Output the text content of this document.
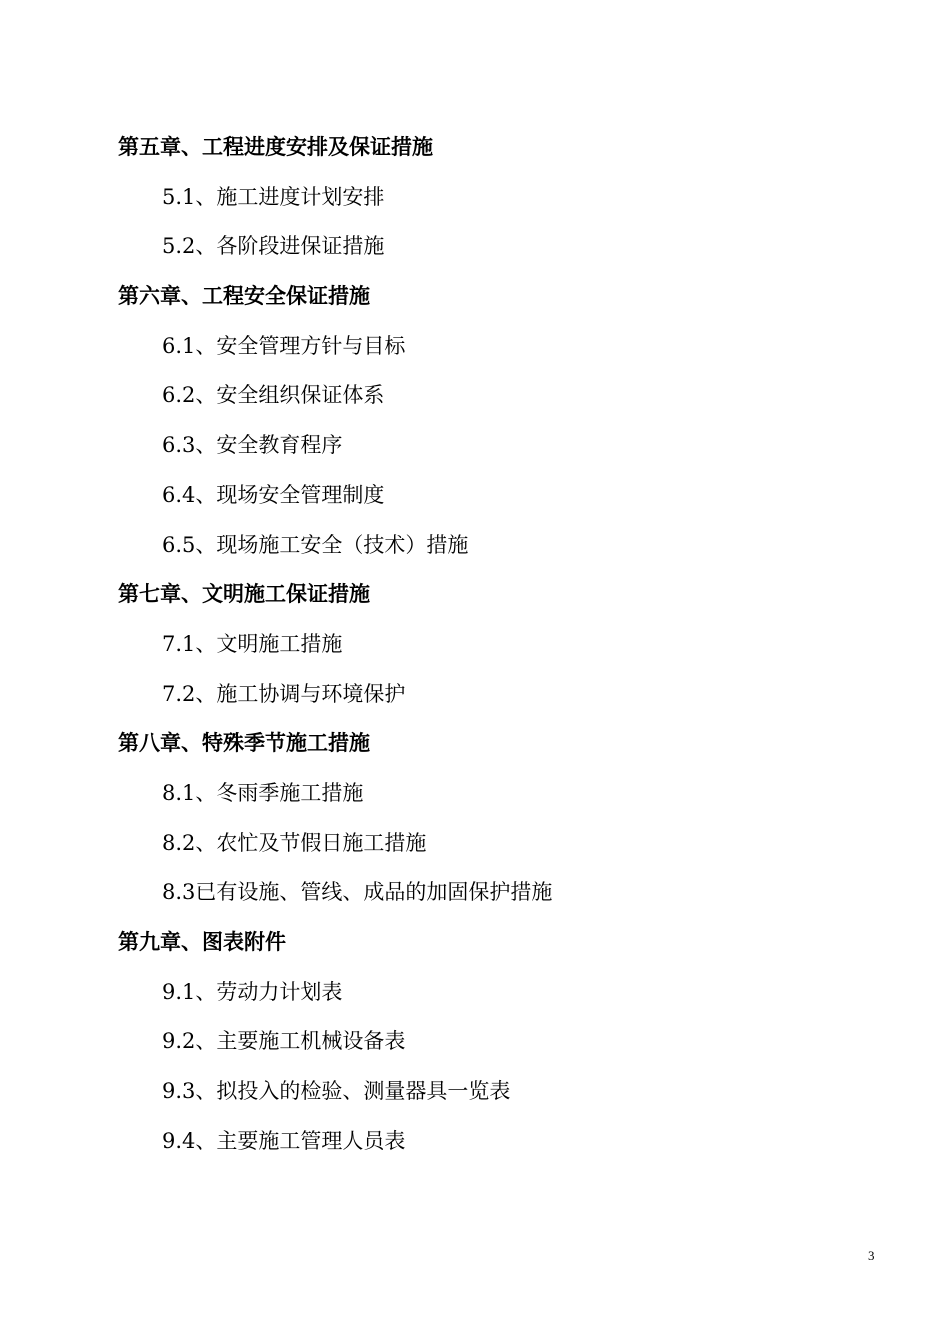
第五章、工程进度安排及保证措施
5.1、施工进度计划安排
5.2、各阶段进保证措施
第六章、工程安全保证措施
6.1、安全管理方针与目标
6.2、安全组织保证体系
6.3、安全教育程序
6.4、现场安全管理制度
6.5、现场施工安全（技术）措施
第七章、文明施工保证措施
7.1、文明施工措施
7.2、施工协调与环境保护
第八章、特殊季节施工措施
8.1、冬雨季施工措施
8.2、农忙及节假日施工措施
8.3已有设施、管线、成品的加固保护措施
第九章、图表附件
9.1、劳动力计划表
9.2、主要施工机械设备表
9.3、拟投入的检验、测量器具一览表
9.4、主要施工管理人员表
3
